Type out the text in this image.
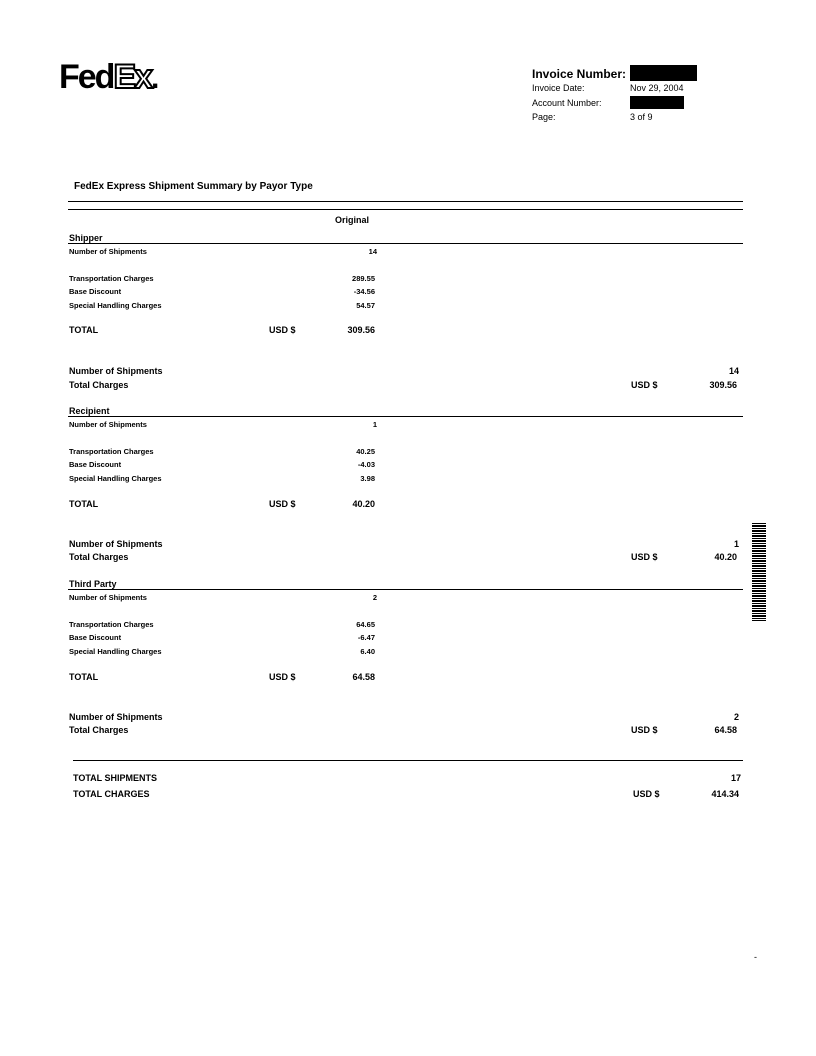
FedEx.	Invoice Number:
Invoice Date:	Nov 29, 2004
Account Number:
Page:	3 of 9
FedEx Express Shipment Summary by Payor Type
Original
Shipper
Number of Shipments	14
Transportation Charges	289.55
Base Discount	-34.56
Special Handling Charges	54.57
TOTAL	USD $	309.56
Number of Shipments	14
Total Charges	USD $	309.56
Recipient
Number of Shipments	1
Transportation Charges	40.25
Base Discount	-4.03
Special Handling Charges	3.98
TOTAL	USD $	40.20
Number of Shipments	1
Total Charges	USD $	40.20
Third Party
Number of Shipments	2
Transportation Charges	64.65
Base Discount	-6.47
Special Handling Charges	6.40
TOTAL	USD $	64.58
Number of Shipments	2
Total Charges	USD $	64.58
TOTAL SHIPMENTS	17
TOTAL CHARGES	USD $	414.34
-
